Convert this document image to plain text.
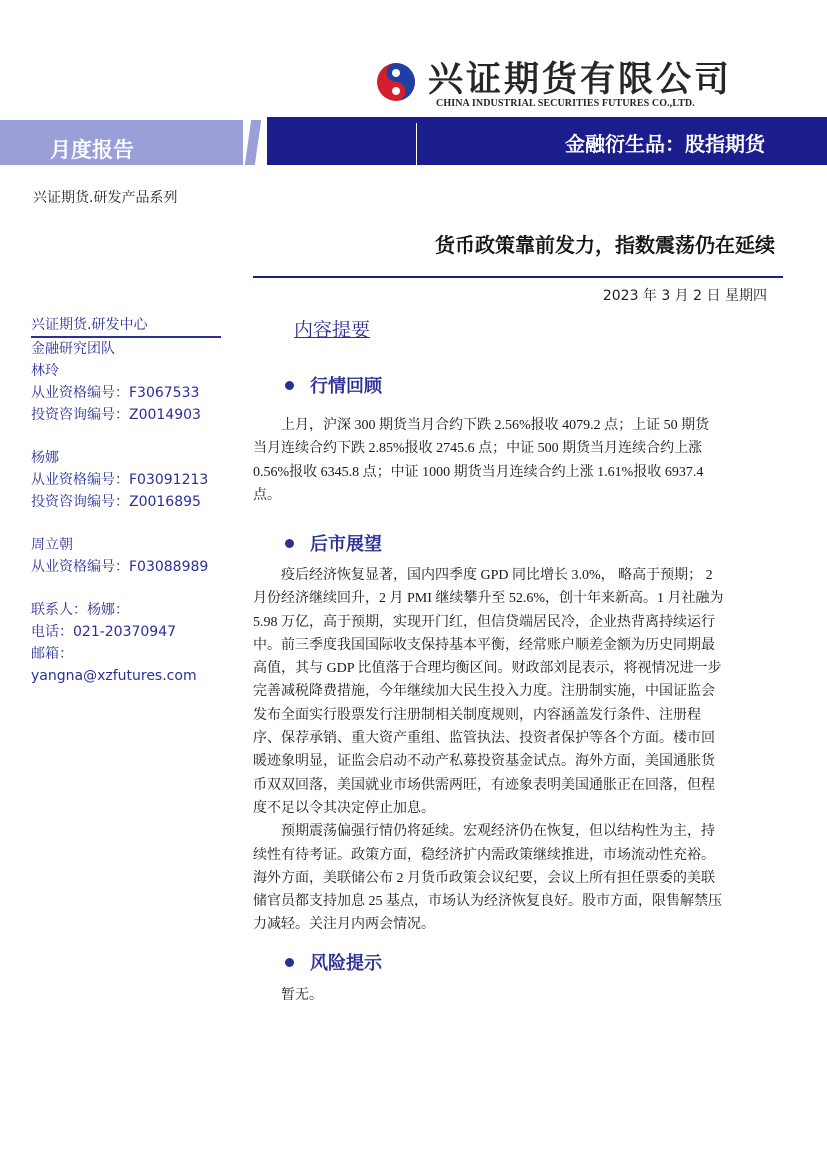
兴证期货有限公司
CHINA INDUSTRIAL SECURITIES FUTURES CO.,LTD.
月度报告	金融衍生品：股指期货
兴证期货.研发产品系列
货币政策靠前发力，指数震荡仍在延续
2023 年 3 月 2 日 星期四
兴证期货.研发中心
金融研究团队
林玲
从业资格编号：F3067533
投资咨询编号：Z0014903
杨娜
从业资格编号：F03091213
投资咨询编号：Z0016895
周立朝
从业资格编号：F03088989
联系人：杨娜：
电话：021-20370947
邮箱：
yangna@xzfutures.com
内容提要
行情回顾

上月，沪深 300 期货当月合约下跌 2.56%报收 4079.2 点；上证 50 期货
当月连续合约下跌 2.85%报收 2745.6 点；中证 500 期货当月连续合约上涨
0.56%报收 6345.8 点；中证 1000 期货当月连续合约上涨 1.61%报收 6937.4
点。

后市展望

疫后经济恢复显著，国内四季度 GPD 同比增长 3.0%， 略高于预期； 2
月份经济继续回升，2 月 PMI 继续攀升至 52.6%，创十年来新高。1 月社融为
5.98 万亿，高于预期，实现开门红，但信贷端居民冷，企业热背离持续运行
中。前三季度我国国际收支保持基本平衡，经常账户顺差金额为历史同期最
高值，其与 GDP 比值落于合理均衡区间。财政部刘昆表示，将视情况进一步
完善减税降费措施，今年继续加大民生投入力度。注册制实施，中国证监会
发布全面实行股票发行注册制相关制度规则，内容涵盖发行条件、注册程
序、保荐承销、重大资产重组、监管执法、投资者保护等各个方面。楼市回
暖迹象明显，证监会启动不动产私募投资基金试点。海外方面，美国通胀货
币双双回落，美国就业市场供需两旺，有迹象表明美国通胀正在回落，但程
度不足以令其决定停止加息。

预期震荡偏强行情仍将延续。宏观经济仍在恢复，但以结构性为主，持
续性有待考证。政策方面，稳经济扩内需政策继续推进，市场流动性充裕。
海外方面，美联储公布 2 月货币政策会议纪要，会议上所有担任票委的美联
储官员都支持加息 25 基点，市场认为经济恢复良好。股市方面，限售解禁压
力减轻。关注月内两会情况。

风险提示

暂无。
